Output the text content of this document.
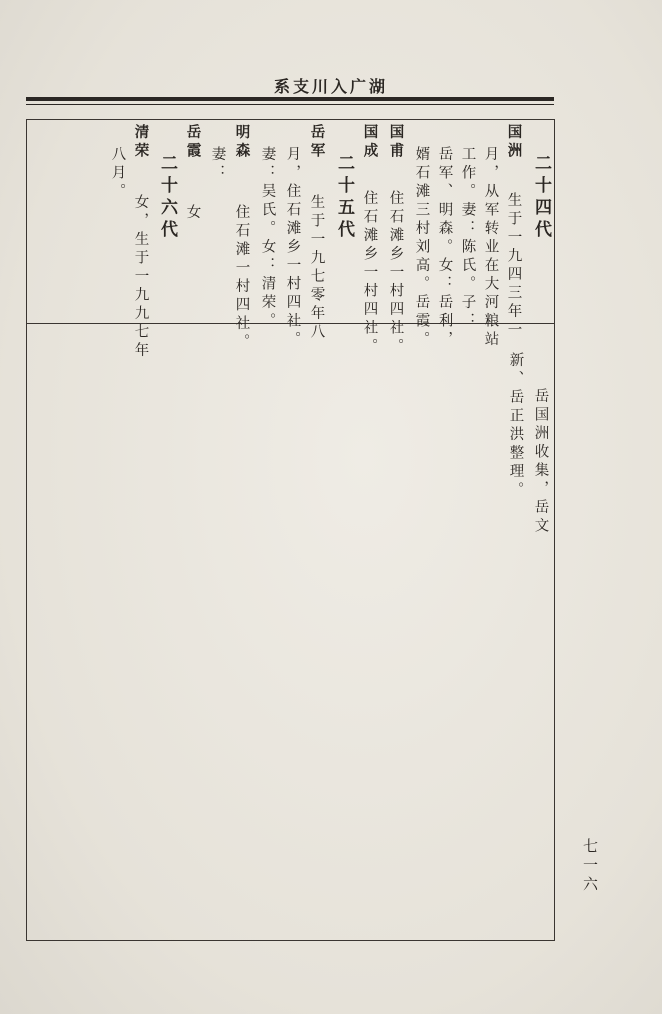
系支川入广湖
二十四代
国洲  生于一九四三年一
月，从军转业在大河粮站
工作。妻：陈氏。子：
岳军、明森。女：岳利，
婿石滩三村刘高。岳霞。
国甫  住石滩乡一村四社。
国成  住石滩乡一村四社。
二十五代
岳军  生于一九七零年八
月，住石滩乡一村四社。
妻：吴氏。女：清荣。
明森  住石滩一村四社。
妻：
岳霞  女
二十六代
清荣  女，生于一九九七年
八月。
岳国洲收集，岳文
新、岳正洪整理。
七一六
